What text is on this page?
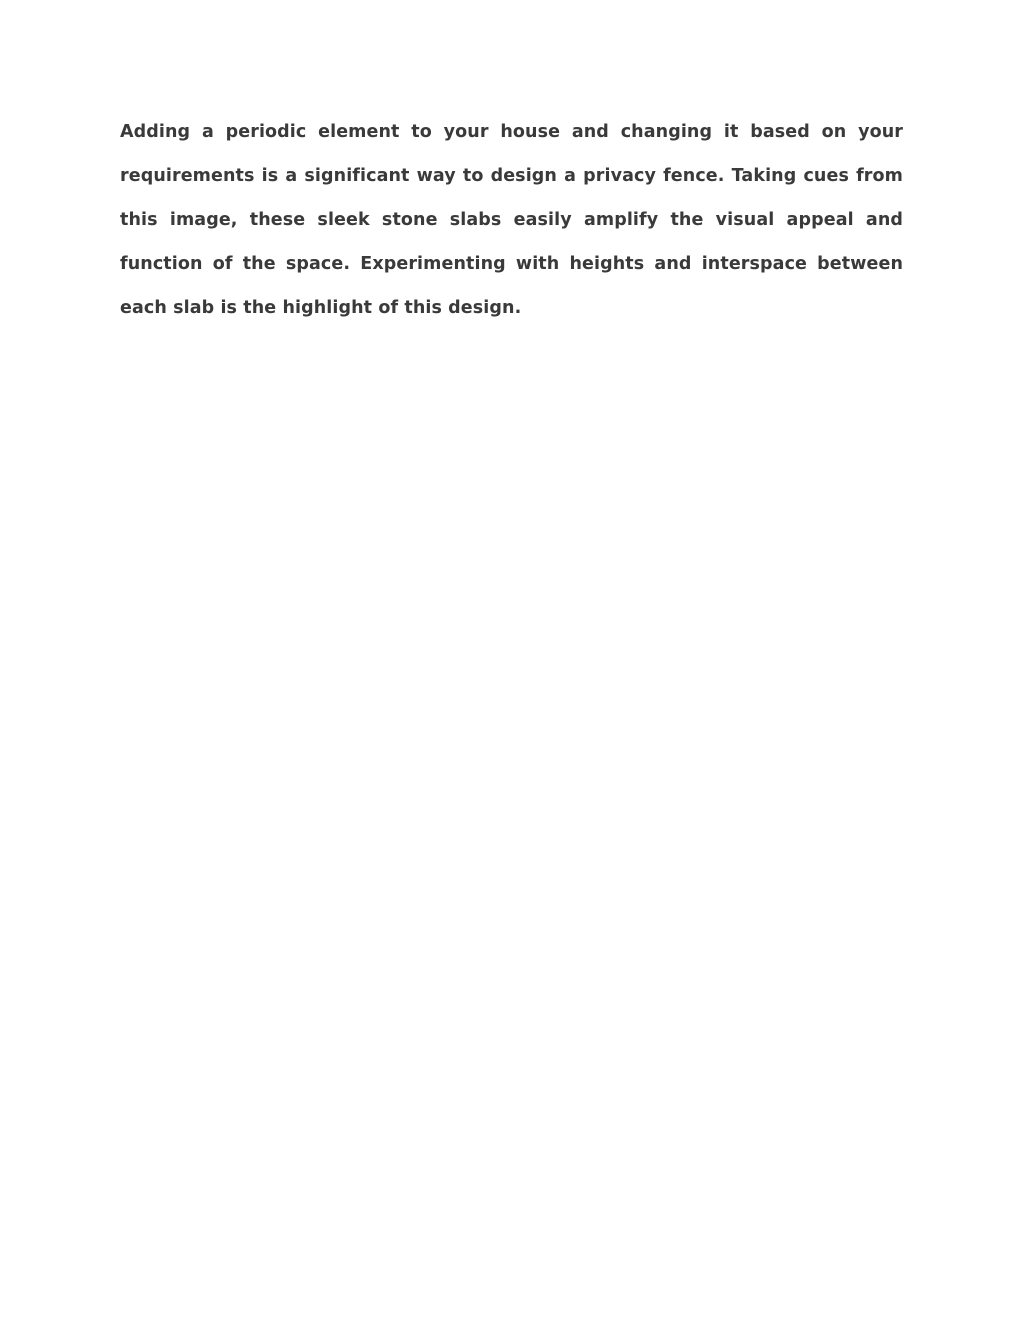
Adding a periodic element to your house and changing it based on your requirements is a significant way to design a privacy fence. Taking cues from this image, these sleek stone slabs easily amplify the visual appeal and function of the space. Experimenting with heights and interspace between each slab is the highlight of this design.
